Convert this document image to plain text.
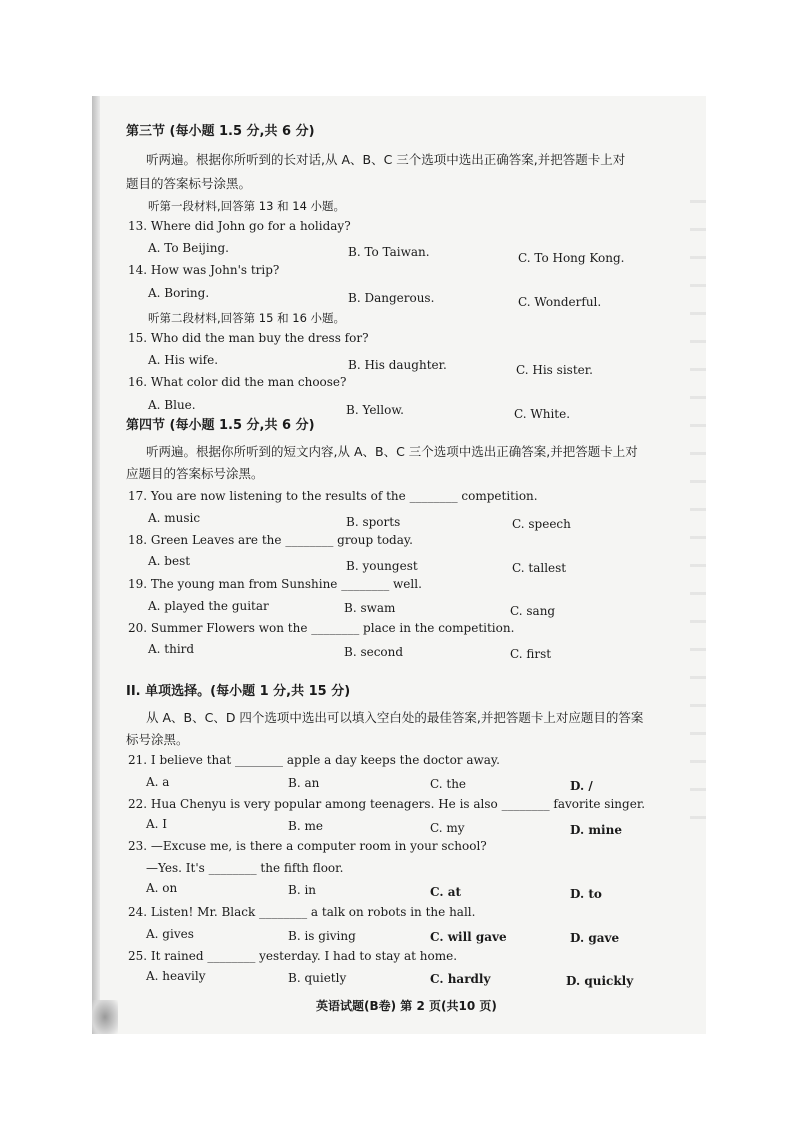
第三节 (每小题 1.5 分,共 6 分)
听两遍。根据你所听到的长对话,从 A、B、C 三个选项中选出正确答案,并把答题卡上对
题目的答案标号涂黑。
听第一段材料,回答第 13 和 14 小题。
13. Where did John go for a holiday?
A. To Beijing.	B. To Taiwan.	C. To Hong Kong.
14. How was John's trip?
A. Boring.	B. Dangerous.	C. Wonderful.
听第二段材料,回答第 15 和 16 小题。
15. Who did the man buy the dress for?
A. His wife.	B. His daughter.	C. His sister.
16. What color did the man choose?
A. Blue.	B. Yellow.	C. White.
第四节 (每小题 1.5 分,共 6 分)
听两遍。根据你所听到的短文内容,从 A、B、C 三个选项中选出正确答案,并把答题卡上对
应题目的答案标号涂黑。
17. You are now listening to the results of the ________ competition.
A. music	B. sports	C. speech
18. Green Leaves are the ________ group today.
A. best	B. youngest	C. tallest
19. The young man from Sunshine ________ well.
A. played the guitar	B. swam	C. sang
20. Summer Flowers won the ________ place in the competition.
A. third	B. second	C. first
II. 单项选择。(每小题 1 分,共 15 分)
从 A、B、C、D 四个选项中选出可以填入空白处的最佳答案,并把答题卡上对应题目的答案
标号涂黑。
21. I believe that ________ apple a day keeps the doctor away.
A. a	B. an	C. the	D. /
22. Hua Chenyu is very popular among teenagers. He is also ________ favorite singer.
A. I	B. me	C. my	D. mine
23. —Excuse me, is there a computer room in your school?
—Yes. It's ________ the fifth floor.
A. on	B. in	C. at	D. to
24. Listen! Mr. Black ________ a talk on robots in the hall.
A. gives	B. is giving	C. will gave	D. gave
25. It rained ________ yesterday. I had to stay at home.
A. heavily	B. quietly	C. hardly	D. quickly
英语试题(B卷) 第 2 页(共10 页)
